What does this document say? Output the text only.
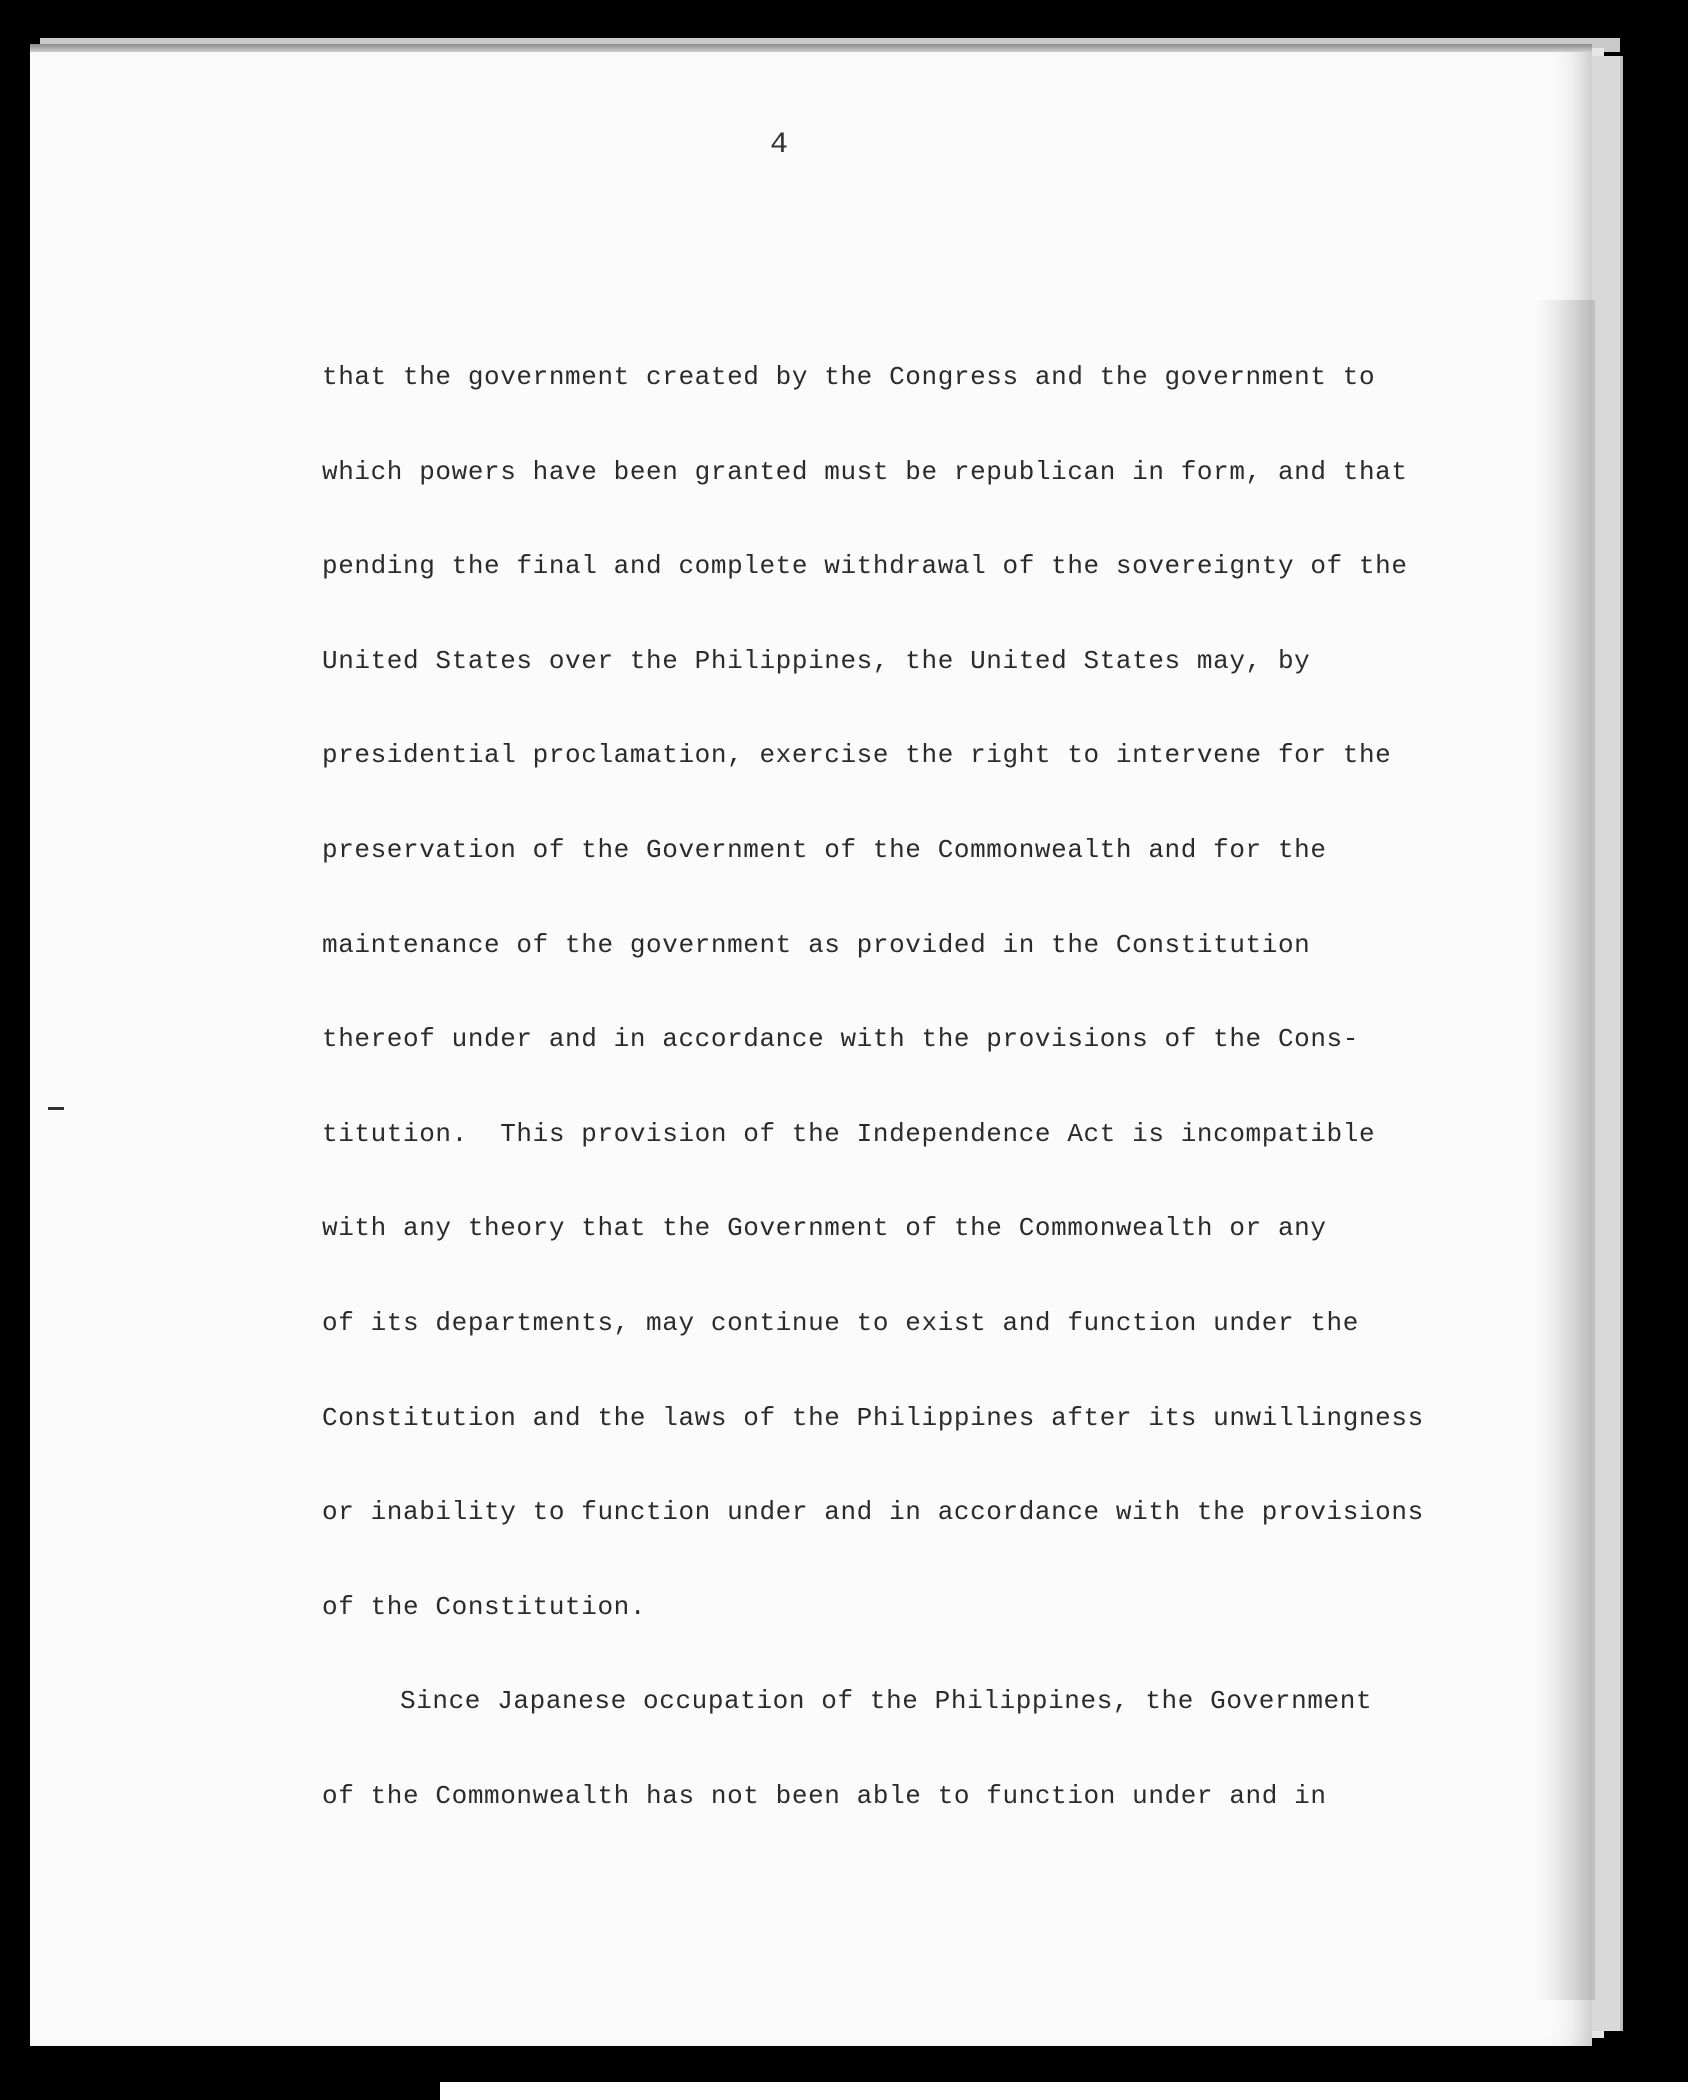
4
that the government created by the Congress and the government to
which powers have been granted must be republican in form, and that
pending the final and complete withdrawal of the sovereignty of the
United States over the Philippines, the United States may, by
presidential proclamation, exercise the right to intervene for the
preservation of the Government of the Commonwealth and for the
maintenance of the government as provided in the Constitution
thereof under and in accordance with the provisions of the Cons-
titution.  This provision of the Independence Act is incompatible
with any theory that the Government of the Commonwealth or any
of its departments, may continue to exist and function under the
Constitution and the laws of the Philippines after its unwillingness
or inability to function under and in accordance with the provisions
of the Constitution.
Since Japanese occupation of the Philippines, the Government
of the Commonwealth has not been able to function under and in
